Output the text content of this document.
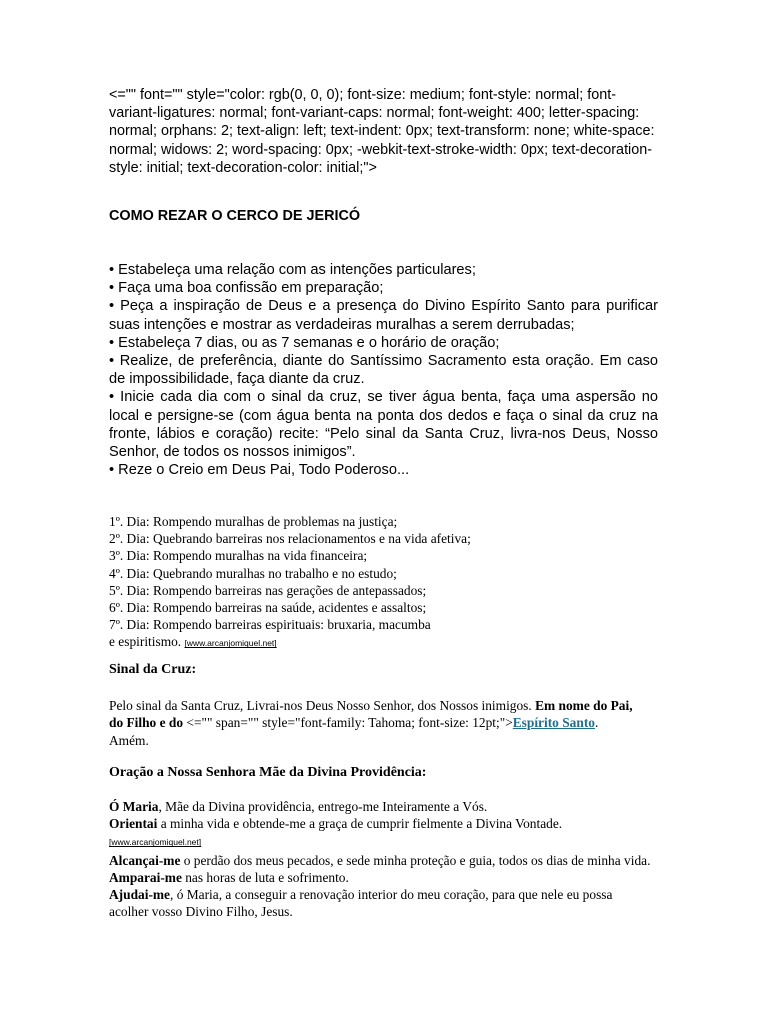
<="" font="" style="color: rgb(0, 0, 0); font-size: medium; font-style: normal; font-variant-ligatures: normal; font-variant-caps: normal; font-weight: 400; letter-spacing: normal; orphans: 2; text-align: left; text-indent: 0px; text-transform: none; white-space: normal; widows: 2; word-spacing: 0px; -webkit-text-stroke-width: 0px; text-decoration-style: initial; text-decoration-color: initial;">

COMO REZAR O CERCO DE JERICÓ
• Estabeleça uma relação com as intenções particulares;
• Faça uma boa confissão em preparação;
• Peça a inspiração de Deus e a presença do Divino Espírito Santo para purificar suas intenções e mostrar as verdadeiras muralhas a serem derrubadas;
• Estabeleça 7 dias, ou as 7 semanas e o horário de oração;
• Realize, de preferência, diante do Santíssimo Sacramento esta oração. Em caso de impossibilidade, faça diante da cruz.
• Inicie cada dia com o sinal da cruz, se tiver água benta, faça uma aspersão no local e persigne-se (com água benta na ponta dos dedos e faça o sinal da cruz na fronte, lábios e coração) recite: “Pelo sinal da Santa Cruz, livra-nos Deus, Nosso Senhor, de todos os nossos inimigos”.
• Reze o Creio em Deus Pai, Todo Poderoso...
1º. Dia: Rompendo muralhas de problemas na justiça;
2º. Dia: Quebrando barreiras nos relacionamentos e na vida afetiva;
3º. Dia: Rompendo muralhas na vida financeira;
4º. Dia: Quebrando muralhas no trabalho e no estudo;
5º. Dia: Rompendo barreiras nas gerações de antepassados;
6º. Dia: Rompendo barreiras na saúde, acidentes e assaltos;
7º. Dia: Rompendo barreiras espirituais: bruxaria, macumba
e espiritismo. [www.arcanjomiquel.net]
Sinal da Cruz:

Pelo sinal da Santa Cruz, Livrai-nos Deus Nosso Senhor, dos Nossos inimigos. Em nome do Pai, do Filho e do <="" span="" style="font-family: Tahoma; font-size: 12pt;">Espírito Santo. Amém.

Oração a Nossa Senhora Mãe da Divina Providência:

Ó Maria, Mãe da Divina providência, entrego-me Inteiramente a Vós.

Orientai a minha vida e obtende-me a graça de cumprir fielmente a Divina Vontade. [www.arcanjomiquel.net]

Alcançai-me o perdão dos meus pecados, e sede minha proteção e guia, todos os dias de minha vida.

Amparai-me nas horas de luta e sofrimento.

Ajudai-me, ó Maria, a conseguir a renovação interior do meu coração, para que nele eu possa acolher vosso Divino Filho, Jesus.
